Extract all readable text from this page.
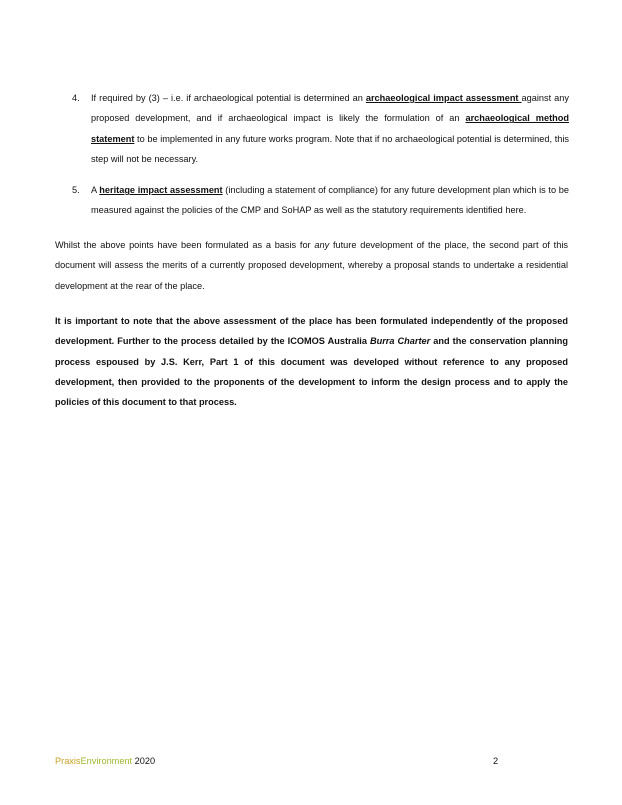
4. If required by (3) – i.e. if archaeological potential is determined an archaeological impact assessment against any proposed development, and if archaeological impact is likely the formulation of an archaeological method statement to be implemented in any future works program. Note that if no archaeological potential is determined, this step will not be necessary.
5. A heritage impact assessment (including a statement of compliance) for any future development plan which is to be measured against the policies of the CMP and SoHAP as well as the statutory requirements identified here.
Whilst the above points have been formulated as a basis for any future development of the place, the second part of this document will assess the merits of a currently proposed development, whereby a proposal stands to undertake a residential development at the rear of the place.
It is important to note that the above assessment of the place has been formulated independently of the proposed development. Further to the process detailed by the ICOMOS Australia Burra Charter and the conservation planning process espoused by J.S. Kerr, Part 1 of this document was developed without reference to any proposed development, then provided to the proponents of the development to inform the design process and to apply the policies of this document to that process.
PraxisEnvironment 2020	2
